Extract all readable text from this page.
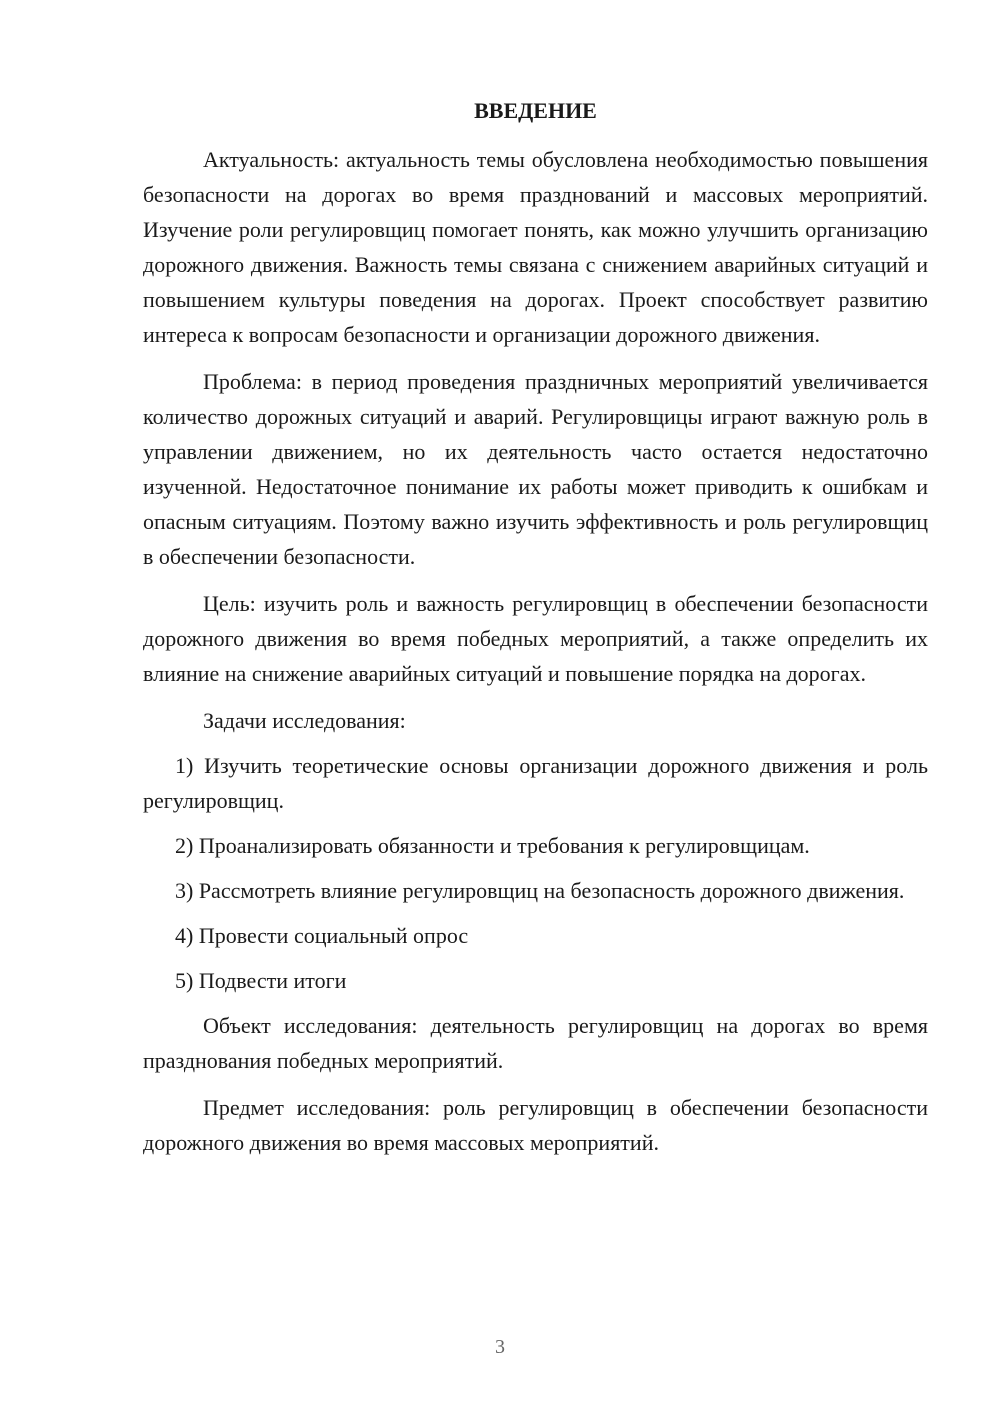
ВВЕДЕНИЕ

Актуальность: актуальность темы обусловлена необходимостью повышения безопасности на дорогах во время празднований и массовых мероприятий. Изучение роли регулировщиц помогает понять, как можно улучшить организацию дорожного движения. Важность темы связана с снижением аварийных ситуаций и повышением культуры поведения на дорогах. Проект способствует развитию интереса к вопросам безопасности и организации дорожного движения.

Проблема: в период проведения праздничных мероприятий увеличивается количество дорожных ситуаций и аварий. Регулировщицы играют важную роль в управлении движением, но их деятельность часто остается недостаточно изученной. Недостаточное понимание их работы может приводить к ошибкам и опасным ситуациям. Поэтому важно изучить эффективность и роль регулировщиц в обеспечении безопасности.

Цель: изучить роль и важность регулировщиц в обеспечении безопасности дорожного движения во время победных мероприятий, а также определить их влияние на снижение аварийных ситуаций и повышение порядка на дорогах.

Задачи исследования:

1) Изучить теоретические основы организации дорожного движения и роль регулировщиц.

2) Проанализировать обязанности и требования к регулировщицам.

3) Рассмотреть влияние регулировщиц на безопасность дорожного движения.

4) Провести социальный опрос

5) Подвести итоги

Объект исследования: деятельность регулировщиц на дорогах во время празднования победных мероприятий.

Предмет исследования: роль регулировщиц в обеспечении безопасности дорожного движения во время массовых мероприятий.

3
